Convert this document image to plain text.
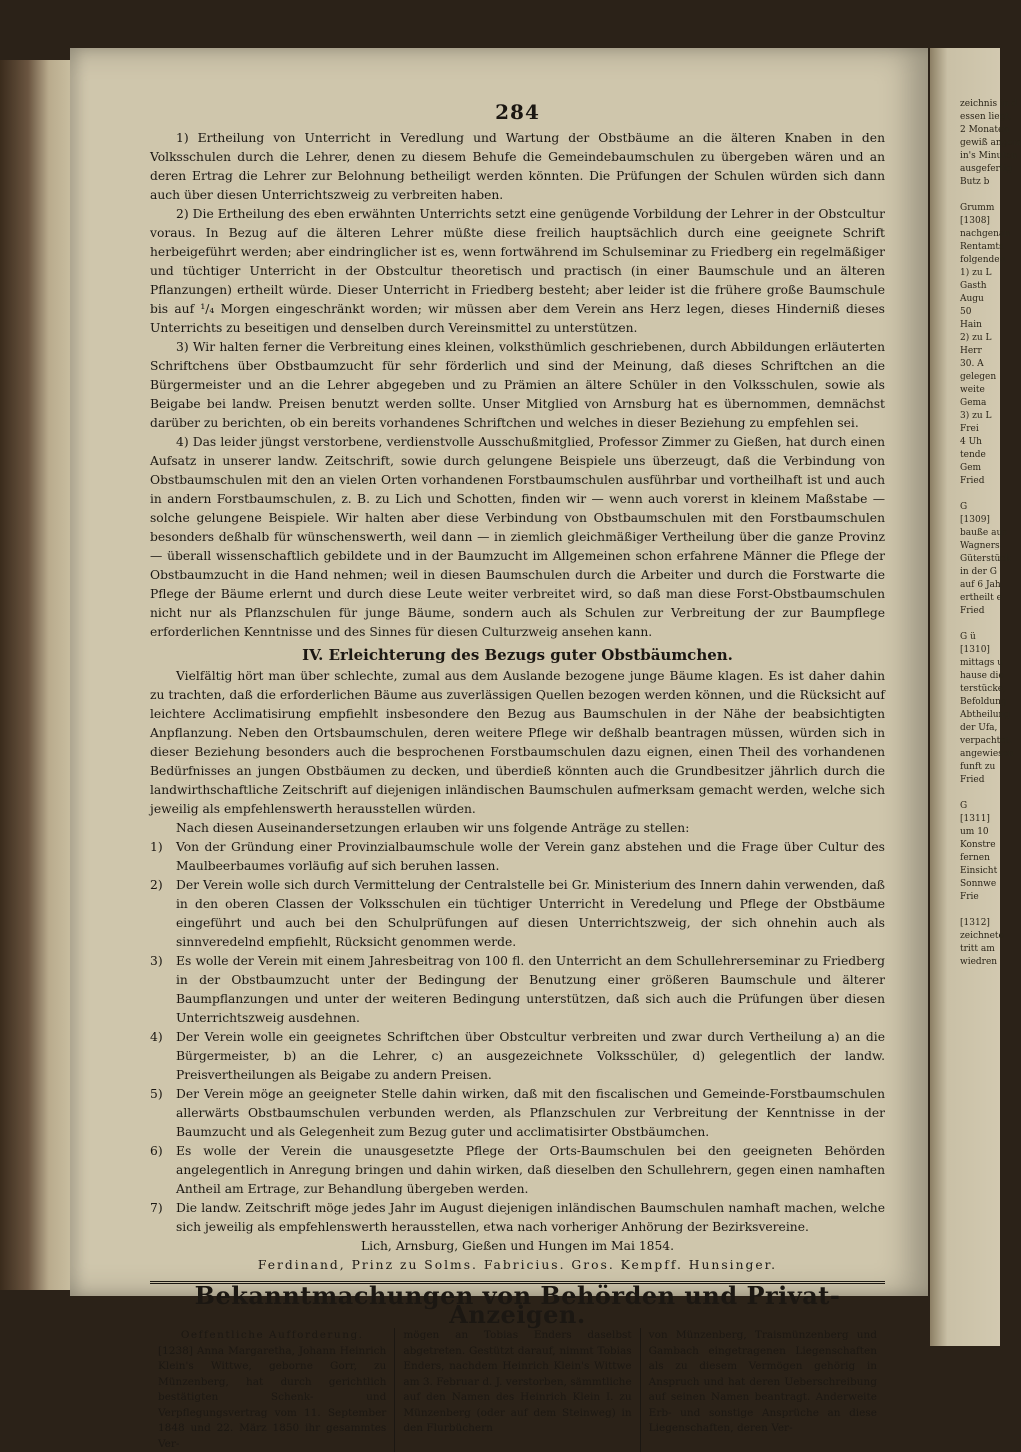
284

1) Ertheilung von Unterricht in Veredlung und Wartung der Obstbäume an die älteren Knaben in den Volksschulen durch die Lehrer, denen zu diesem Behufe die Gemeindebaumschulen zu übergeben wären und an deren Ertrag die Lehrer zur Belohnung betheiligt werden könnten. Die Prüfungen der Schulen würden sich dann auch über diesen Unterrichtszweig zu verbreiten haben.

2) Die Ertheilung des eben erwähnten Unterrichts setzt eine genügende Vorbildung der Lehrer in der Obstcultur voraus. In Bezug auf die älteren Lehrer müßte diese freilich hauptsächlich durch eine geeignete Schrift herbeigeführt werden; aber eindringlicher ist es, wenn fortwährend im Schulseminar zu Friedberg ein regelmäßiger und tüchtiger Unterricht in der Obstcultur theoretisch und practisch (in einer Baumschule und an älteren Pflanzungen) ertheilt würde. Dieser Unterricht in Friedberg besteht; aber leider ist die frühere große Baumschule bis auf ¹/₄ Morgen eingeschränkt worden; wir müssen aber dem Verein ans Herz legen, dieses Hinderniß dieses Unterrichts zu beseitigen und denselben durch Vereinsmittel zu unterstützen.

3) Wir halten ferner die Verbreitung eines kleinen, volksthümlich geschriebenen, durch Abbildungen erläuterten Schriftchens über Obstbaumzucht für sehr förderlich und sind der Meinung, daß dieses Schriftchen an die Bürgermeister und an die Lehrer abgegeben und zu Prämien an ältere Schüler in den Volksschulen, sowie als Beigabe bei landw. Preisen benutzt werden sollte. Unser Mitglied von Arnsburg hat es übernommen, demnächst darüber zu berichten, ob ein bereits vorhandenes Schriftchen und welches in dieser Beziehung zu empfehlen sei.

4) Das leider jüngst verstorbene, verdienstvolle Ausschußmitglied, Professor Zimmer zu Gießen, hat durch einen Aufsatz in unserer landw. Zeitschrift, sowie durch gelungene Beispiele uns überzeugt, daß die Verbindung von Obstbaumschulen mit den an vielen Orten vorhandenen Forstbaumschulen ausführbar und vortheilhaft ist und auch in andern Forstbaumschulen, z. B. zu Lich und Schotten, finden wir — wenn auch vorerst in kleinem Maßstabe — solche gelungene Beispiele. Wir halten aber diese Verbindung von Obstbaumschulen mit den Forstbaumschulen besonders deßhalb für wünschenswerth, weil dann — in ziemlich gleichmäßiger Vertheilung über die ganze Provinz — überall wissenschaftlich gebildete und in der Baumzucht im Allgemeinen schon erfahrene Männer die Pflege der Obstbaumzucht in die Hand nehmen; weil in diesen Baumschulen durch die Arbeiter und durch die Forstwarte die Pflege der Bäume erlernt und durch diese Leute weiter verbreitet wird, so daß man diese Forst-Obstbaumschulen nicht nur als Pflanzschulen für junge Bäume, sondern auch als Schulen zur Verbreitung der zur Baumpflege erforderlichen Kenntnisse und des Sinnes für diesen Culturzweig ansehen kann.

IV. Erleichterung des Bezugs guter Obstbäumchen.

Vielfältig hört man über schlechte, zumal aus dem Auslande bezogene junge Bäume klagen. Es ist daher dahin zu trachten, daß die erforderlichen Bäume aus zuverlässigen Quellen bezogen werden können, und die Rücksicht auf leichtere Acclimatisirung empfiehlt insbesondere den Bezug aus Baumschulen in der Nähe der beabsichtigten Anpflanzung. Neben den Ortsbaumschulen, deren weitere Pflege wir deßhalb beantragen müssen, würden sich in dieser Beziehung besonders auch die besprochenen Forstbaumschulen dazu eignen, einen Theil des vorhandenen Bedürfnisses an jungen Obstbäumen zu decken, und überdieß könnten auch die Grundbesitzer jährlich durch die landwirthschaftliche Zeitschrift auf diejenigen inländischen Baumschulen aufmerksam gemacht werden, welche sich jeweilig als empfehlenswerth herausstellen würden.

Nach diesen Auseinandersetzungen erlauben wir uns folgende Anträge zu stellen:

1) Von der Gründung einer Provinzialbaumschule wolle der Verein ganz abstehen und die Frage über Cultur des Maulbeerbaumes vorläufig auf sich beruhen lassen.
2) Der Verein wolle sich durch Vermittelung der Centralstelle bei Gr. Ministerium des Innern dahin verwenden, daß in den oberen Classen der Volksschulen ein tüchtiger Unterricht in Veredelung und Pflege der Obstbäume eingeführt und auch bei den Schulprüfungen auf diesen Unterrichtszweig, der sich ohnehin auch als sinnveredelnd empfiehlt, Rücksicht genommen werde.
3) Es wolle der Verein mit einem Jahresbeitrag von 100 fl. den Unterricht an dem Schullehrerseminar zu Friedberg in der Obstbaumzucht unter der Bedingung der Benutzung einer größeren Baumschule und älterer Baumpflanzungen und unter der weiteren Bedingung unterstützen, daß sich auch die Prüfungen über diesen Unterrichtszweig ausdehnen.
4) Der Verein wolle ein geeignetes Schriftchen über Obstcultur verbreiten und zwar durch Vertheilung a) an die Bürgermeister, b) an die Lehrer, c) an ausgezeichnete Volksschüler, d) gelegentlich der landw. Preisvertheilungen als Beigabe zu andern Preisen.
5) Der Verein möge an geeigneter Stelle dahin wirken, daß mit den fiscalischen und Gemeinde-Forstbaumschulen allerwärts Obstbaumschulen verbunden werden, als Pflanzschulen zur Verbreitung der Kenntnisse in der Baumzucht und als Gelegenheit zum Bezug guter und acclimatisirter Obstbäumchen.
6) Es wolle der Verein die unausgesetzte Pflege der Orts-Baumschulen bei den geeigneten Behörden angelegentlich in Anregung bringen und dahin wirken, daß dieselben den Schullehrern, gegen einen namhaften Antheil am Ertrage, zur Behandlung übergeben werden.
7) Die landw. Zeitschrift möge jedes Jahr im August diejenigen inländischen Baumschulen namhaft machen, welche sich jeweilig als empfehlenswerth herausstellen, etwa nach vorheriger Anhörung der Bezirksvereine.
Lich, Arnsburg, Gießen und Hungen im Mai 1854.
Ferdinand, Prinz zu Solms. Fabricius. Gros. Kempff. Hunsinger.
Bekanntmachungen von Behörden und Privat-Anzeigen.
Oeffentliche Aufforderung.
[1238] Anna Margaretha, Johann Heinrich Klein's Wittwe, geborne Gorr, zu Münzenberg, hat durch gerichtlich bestätigten Schenk- und Verpflegungsvertrag vom 11. September 1848 und 22. März 1850 ihr gesammtes Ver-
mögen an Tobias Enders daselbst abgetreten. Gestützt darauf, nimmt Tobias Enders, nachdem Heinrich Klein's Wittwe am 3. Februar d. J. verstorben, sämmtliche auf den Namen des Heinrich Klein I. zu Münzenberg (oder auf dem Steinweg) in den Flurbüchern
von Münzenberg, Traismünzenberg und Gambach eingetragenen Liegenschaften als zu diesem Vermögen gehörig in Anspruch und hat deren Ueberschreibung auf seinen Namen beantragt. Anderweite Erb- und sonstige Ansprüche an diese Liegenschaften, deren Ver-
zeichnis in d
essen liegt,
2 Monaten
gewiß angem
in's Minuten
ausgefertig
Butz b

Grumm
[1308]
nachgenan
Rentamts
folgenden
1) zu L
Gasth
Augu
50
Hain
2) zu L
Herr
30. A
gelegen
weite
Gema
3) zu L
Frei
4 Uh
tende
Gem
Fried

G
[1309]
bauße aus
Wagners
Güterstück
in der G
auf 6 Jah
ertheilt e
Fried

G ü
[1310]
mittags u
hause die
terstücke,
Befoldung
Abtheilung
der Ufa,
verpachtet.
angewiesen
funft zu
Fried

G
[1311]
um 10
Konstre
fernen
Einsicht
Sonnwe
Frie

[1312]
zeichnete
tritt am
wiedren
